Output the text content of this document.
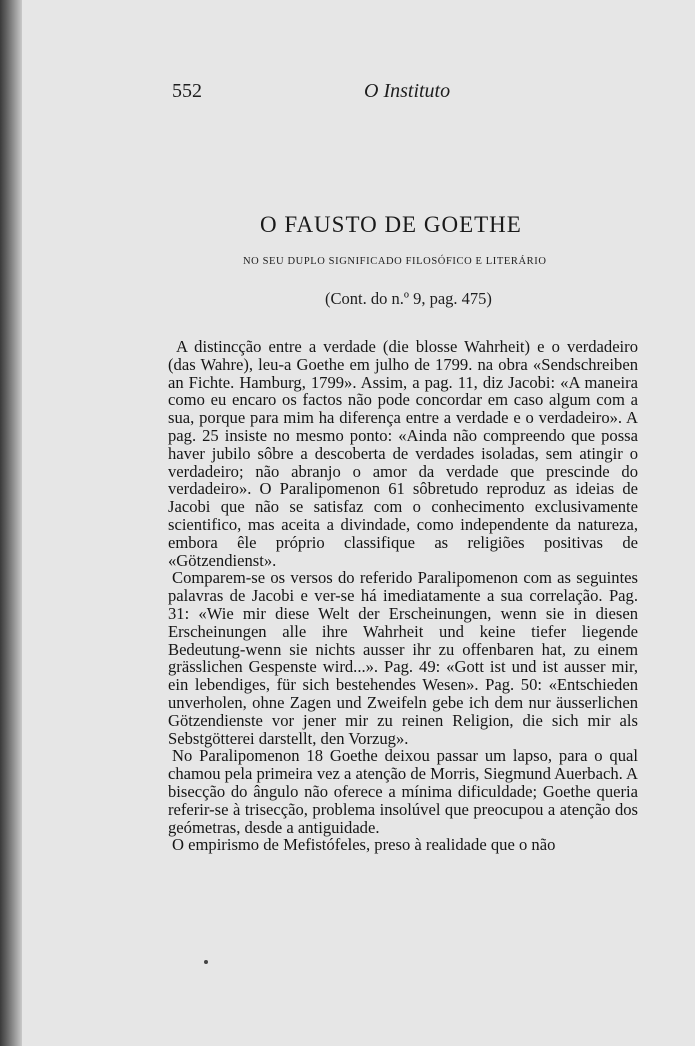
552	O Instituto
O FAUSTO DE GOETHE
NO SEU DUPLO SIGNIFICADO FILOSÓFICO E LITERÁRIO
(Cont. do n.º 9, pag. 475)

A distincção entre a verdade (die blosse Wahrheit) e o verdadeiro (das Wahre), leu-a Goethe em julho de 1799. na obra «Sendschreiben an Fichte. Hamburg, 1799». Assim, a pag. 11, diz Jacobi: «A maneira como eu encaro os factos não pode concordar em caso algum com a sua, porque para mim ha diferença entre a verdade e o verdadeiro». A pag. 25 insiste no mesmo ponto: «Ainda não compreendo que possa haver jubilo sôbre a descoberta de verdades isoladas, sem atingir o verdadeiro; não abranjo o amor da verdade que prescinde do verdadeiro». O Paralipomenon 61 sôbretudo reproduz as ideias de Jacobi que não se satisfaz com o conhecimento exclusivamente scientifico, mas aceita a divindade, como independente da natureza, embora êle próprio classifique as religiões positivas de «Götzendienst».

Comparem-se os versos do referido Paralipomenon com as seguintes palavras de Jacobi e ver-se há imediatamente a sua correlação. Pag. 31: «Wie mir diese Welt der Erscheinungen, wenn sie in diesen Erscheinungen alle ihre Wahrheit und keine tiefer liegende Bedeutung-wenn sie nichts ausser ihr zu offenbaren hat, zu einem grässlichen Gespenste wird...». Pag. 49: «Gott ist und ist ausser mir, ein lebendiges, für sich bestehendes Wesen». Pag. 50: «Entschieden unverholen, ohne Zagen und Zweifeln gebe ich dem nur äusserlichen Götzendienste vor jener mir zu reinen Religion, die sich mir als Sebstgötterei darstellt, den Vorzug».

No Paralipomenon 18 Goethe deixou passar um lapso, para o qual chamou pela primeira vez a atenção de Morris, Siegmund Auerbach. A bisecção do ângulo não oferece a mínima dificuldade; Goethe queria referir-se à trisecção, problema insolúvel que preocupou a atenção dos geómetras, desde a antiguidade.

O empirismo de Mefistófeles, preso à realidade que o não
